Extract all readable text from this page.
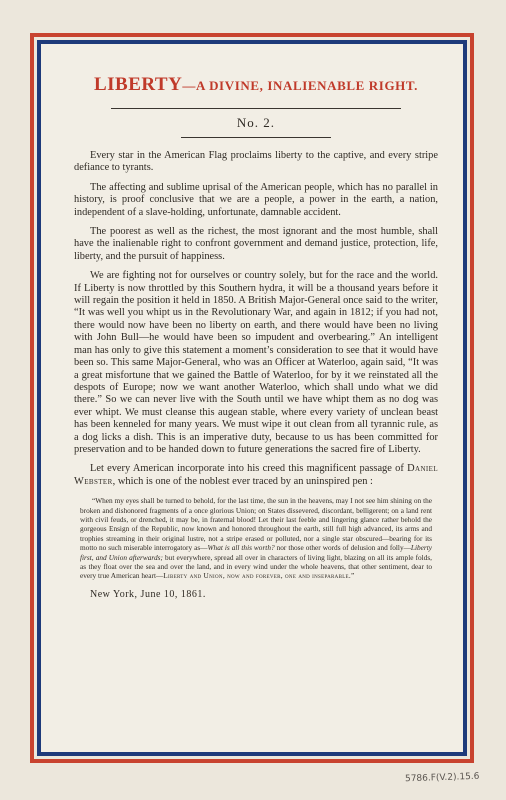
LIBERTY—A DIVINE, INALIENABLE RIGHT.
No. 2.

Every star in the American Flag proclaims liberty to the captive, and every stripe defiance to tyrants.

The affecting and sublime uprisal of the American people, which has no parallel in history, is proof conclusive that we are a people, a power in the earth, a nation, independent of a slave-holding, unfortunate, damnable accident.

The poorest as well as the richest, the most ignorant and the most humble, shall have the inalienable right to confront government and demand justice, protection, life, liberty, and the pursuit of happiness.

We are fighting not for ourselves or country solely, but for the race and the world. If Liberty is now throttled by this Southern hydra, it will be a thousand years before it will regain the position it held in 1850. A British Major-General once said to the writer, “It was well you whipt us in the Revolutionary War, and again in 1812; if you had not, there would now have been no liberty on earth, and there would have been no living with John Bull—he would have been so impudent and overbearing.” An intelligent man has only to give this statement a moment’s consideration to see that it would have been so. This same Major-General, who was an Officer at Waterloo, again said, “It was a great misfortune that we gained the Battle of Waterloo, for by it we reinstated all the despots of Europe; now we want another Waterloo, which shall undo what we did there.” So we can never live with the South until we have whipt them as no dog was ever whipt. We must cleanse this augean stable, where every variety of unclean beast has been kenneled for many years. We must wipe it out clean from all tyrannic rule, as a dog licks a dish. This is an imperative duty, because to us has been committed for preservation and to be handed down to future generations the sacred fire of Liberty.

Let every American incorporate into his creed this magnificent passage of Daniel Webster, which is one of the noblest ever traced by an uninspired pen :

“When my eyes shall be turned to behold, for the last time, the sun in the heavens, may I not see him shining on the broken and dishonored fragments of a once glorious Union; on States dissevered, discordant, belligerent; on a land rent with civil feuds, or drenched, it may be, in fraternal blood! Let their last feeble and lingering glance rather behold the gorgeous Ensign of the Republic, now known and honored throughout the earth, still full high advanced, its arms and trophies streaming in their original lustre, not a stripe erased or polluted, nor a single star obscured—bearing for its motto no such miserable interrogatory as—What is all this worth? nor those other words of delusion and folly—Liberty first, and Union afterwards; but everywhere, spread all over in characters of living light, blazing on all its ample folds, as they float over the sea and over the land, and in every wind under the whole heavens, that other sentiment, dear to every true American heart—Liberty and Union, now and forever, one and inseparable.”
New York, June 10, 1861.
5786.F(V.2).15.6
